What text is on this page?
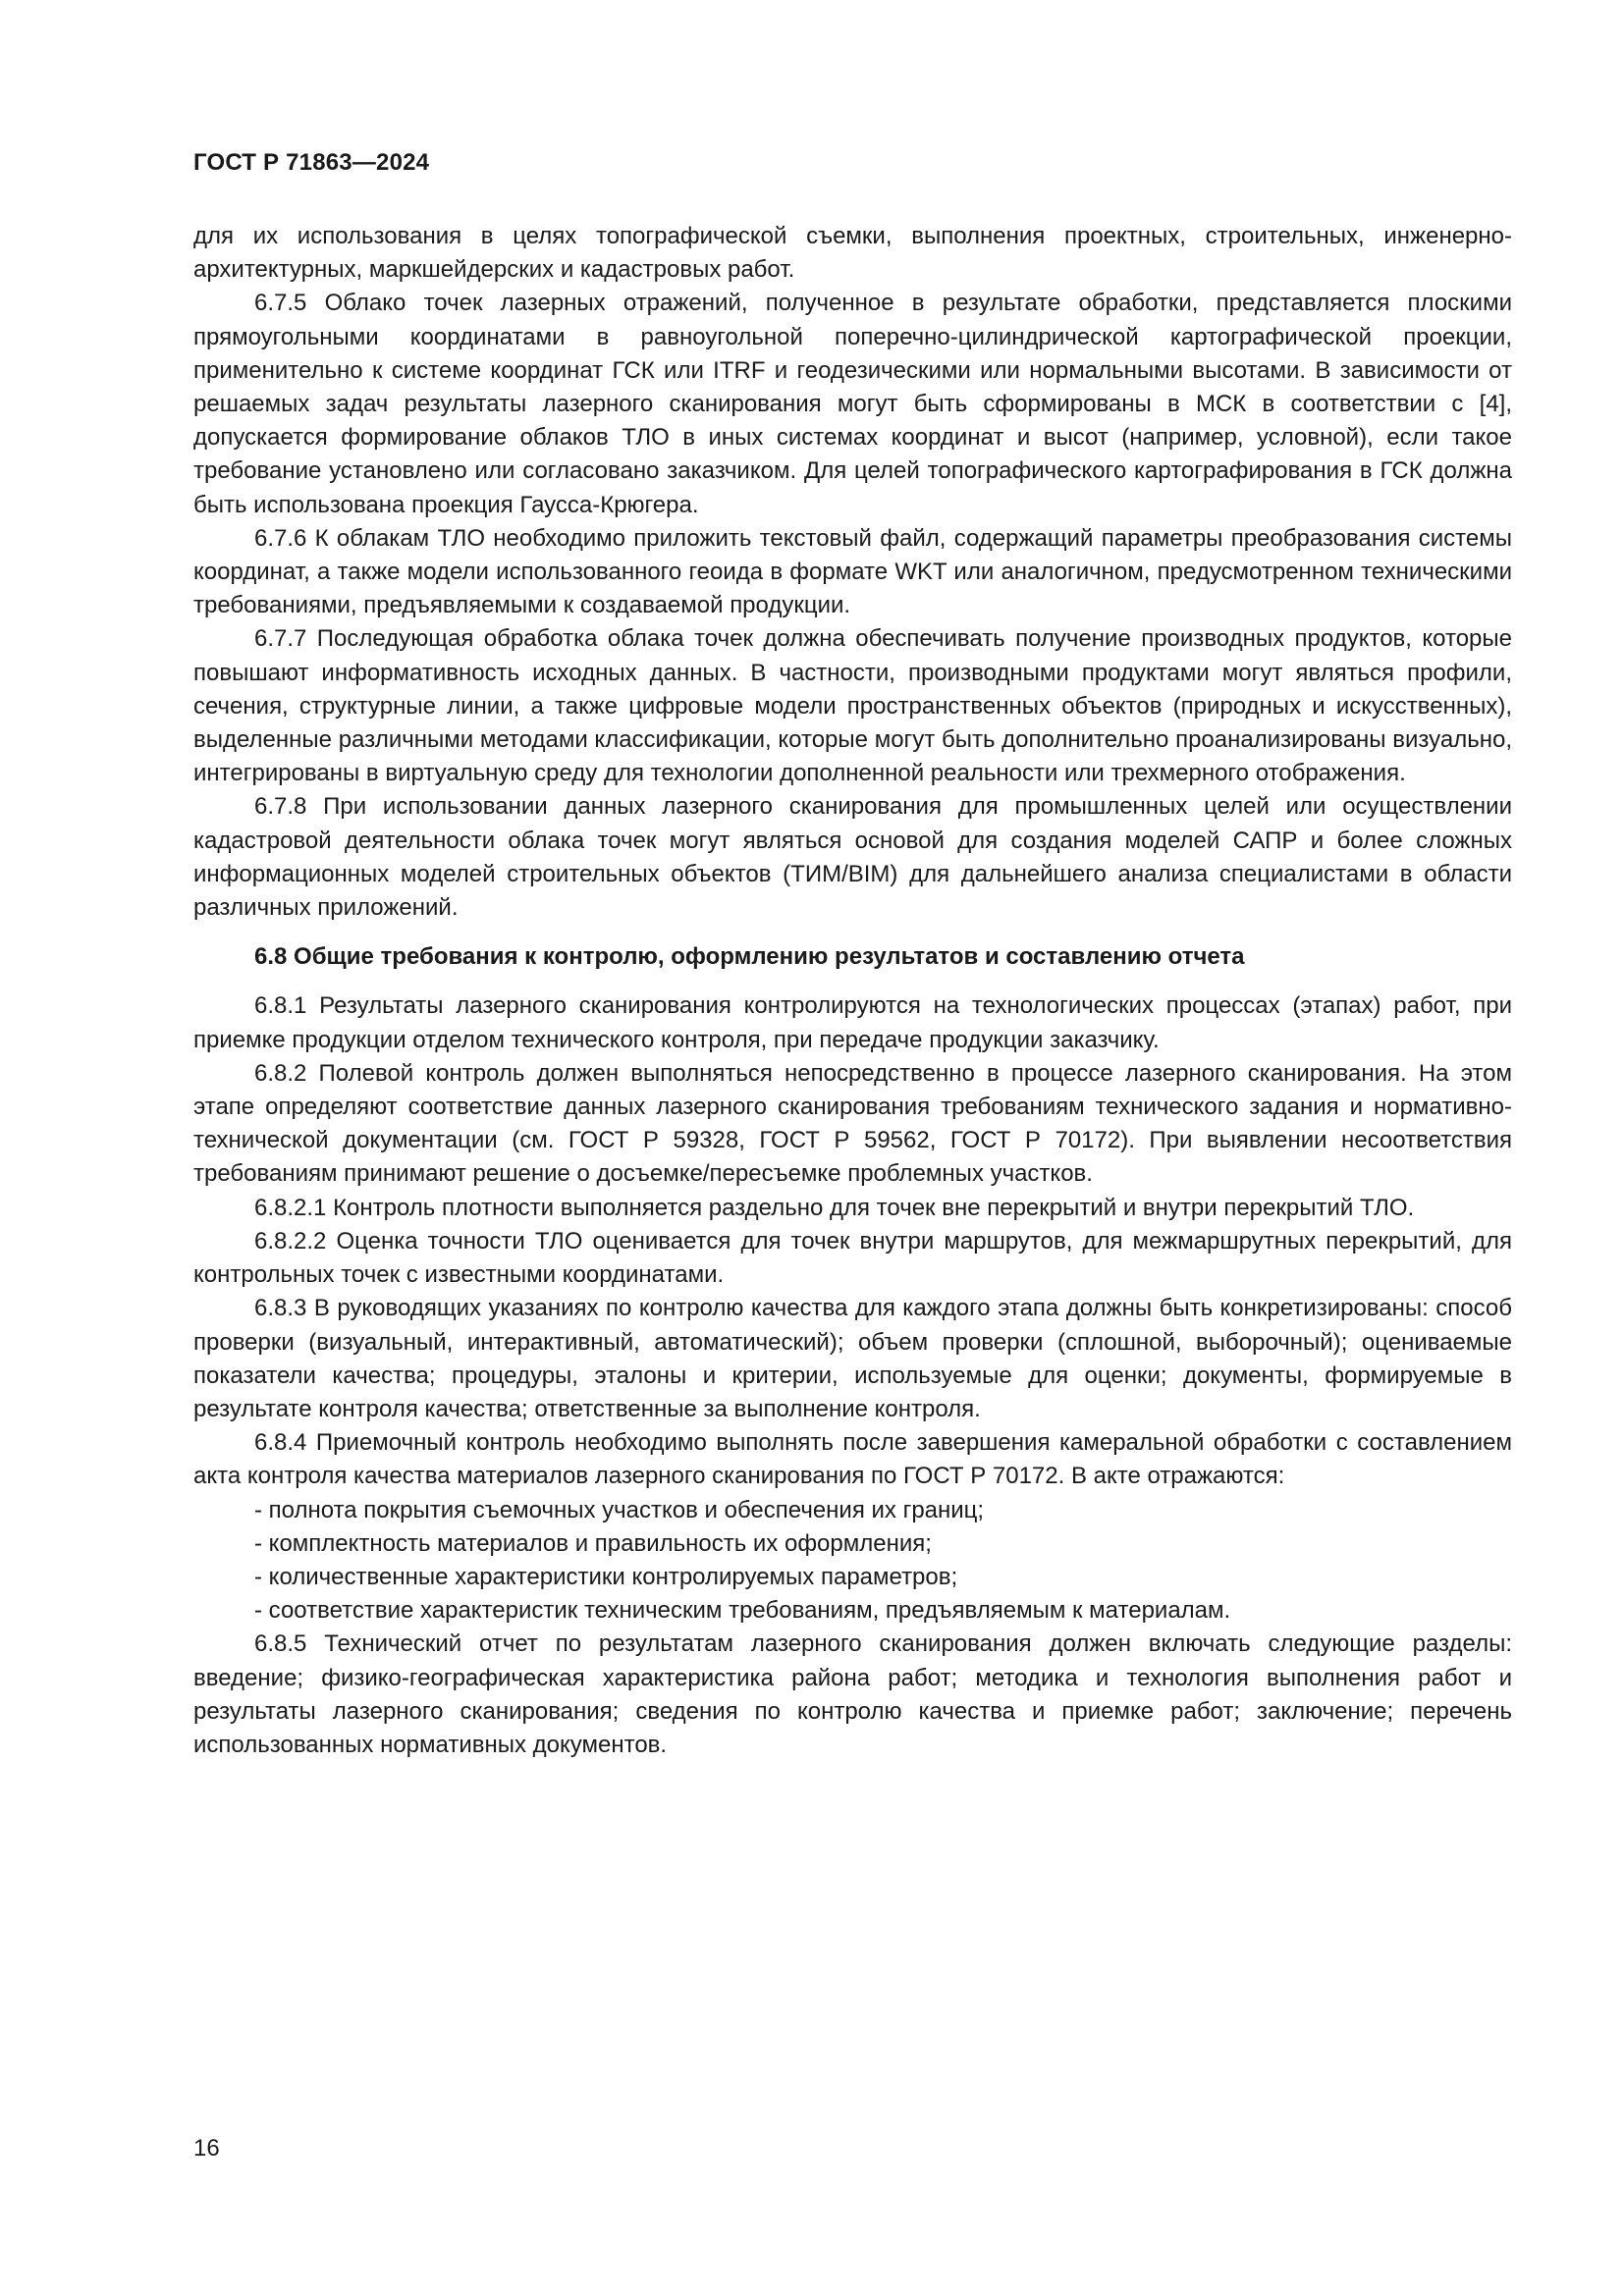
ГОСТ Р 71863—2024

для их использования в целях топографической съемки, выполнения проектных, строительных, инженерно-архитектурных, маркшейдерских и кадастровых работ.

6.7.5 Облако точек лазерных отражений, полученное в результате обработки, представляется плоскими прямоугольными координатами в равноугольной поперечно-цилиндрической картографической проекции, применительно к системе координат ГСК или ITRF и геодезическими или нормальными высотами. В зависимости от решаемых задач результаты лазерного сканирования могут быть сформированы в МСК в соответствии с [4], допускается формирование облаков ТЛО в иных системах координат и высот (например, условной), если такое требование установлено или согласовано заказчиком. Для целей топографического картографирования в ГСК должна быть использована проекция Гаусса-Крюгера.

6.7.6 К облакам ТЛО необходимо приложить текстовый файл, содержащий параметры преобразования системы координат, а также модели использованного геоида в формате WKT или аналогичном, предусмотренном техническими требованиями, предъявляемыми к создаваемой продукции.

6.7.7 Последующая обработка облака точек должна обеспечивать получение производных продуктов, которые повышают информативность исходных данных. В частности, производными продуктами могут являться профили, сечения, структурные линии, а также цифровые модели пространственных объектов (природных и искусственных), выделенные различными методами классификации, которые могут быть дополнительно проанализированы визуально, интегрированы в виртуальную среду для технологии дополненной реальности или трехмерного отображения.

6.7.8 При использовании данных лазерного сканирования для промышленных целей или осуществлении кадастровой деятельности облака точек могут являться основой для создания моделей САПР и более сложных информационных моделей строительных объектов (ТИМ/BIM) для дальнейшего анализа специалистами в области различных приложений.

6.8 Общие требования к контролю, оформлению результатов и составлению отчета

6.8.1 Результаты лазерного сканирования контролируются на технологических процессах (этапах) работ, при приемке продукции отделом технического контроля, при передаче продукции заказчику.

6.8.2 Полевой контроль должен выполняться непосредственно в процессе лазерного сканирования. На этом этапе определяют соответствие данных лазерного сканирования требованиям технического задания и нормативно-технической документации (см. ГОСТ Р 59328, ГОСТ Р 59562, ГОСТ Р 70172). При выявлении несоответствия требованиям принимают решение о досъемке/пересъемке проблемных участков.

6.8.2.1 Контроль плотности выполняется раздельно для точек вне перекрытий и внутри перекрытий ТЛО.

6.8.2.2 Оценка точности ТЛО оценивается для точек внутри маршрутов, для межмаршрутных перекрытий, для контрольных точек с известными координатами.

6.8.3 В руководящих указаниях по контролю качества для каждого этапа должны быть конкретизированы: способ проверки (визуальный, интерактивный, автоматический); объем проверки (сплошной, выборочный); оцениваемые показатели качества; процедуры, эталоны и критерии, используемые для оценки; документы, формируемые в результате контроля качества; ответственные за выполнение контроля.

6.8.4 Приемочный контроль необходимо выполнять после завершения камеральной обработки с составлением акта контроля качества материалов лазерного сканирования по ГОСТ Р 70172. В акте отражаются:

- полнота покрытия съемочных участков и обеспечения их границ;
- комплектность материалов и правильность их оформления;
- количественные характеристики контролируемых параметров;
- соответствие характеристик техническим требованиям, предъявляемым к материалам.

6.8.5 Технический отчет по результатам лазерного сканирования должен включать следующие разделы: введение; физико-географическая характеристика района работ; методика и технология выполнения работ и результаты лазерного сканирования; сведения по контролю качества и приемке работ; заключение; перечень использованных нормативных документов.

16
